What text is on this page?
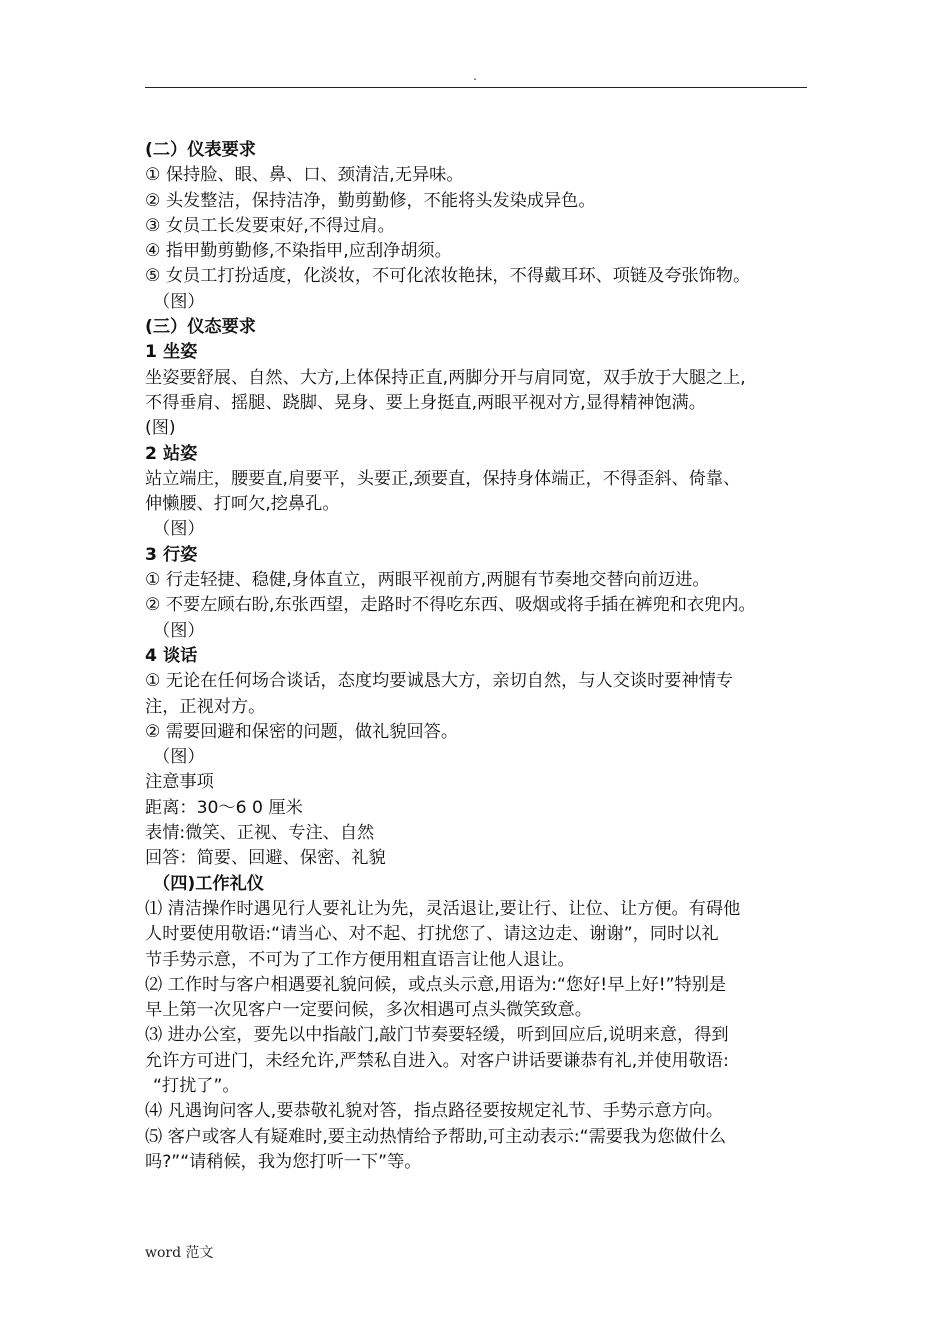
.

(二）仪表要求

① 保持脸、眼、鼻、口、颈清洁,无异味。

② 头发整洁，保持洁净，勤剪勤修，不能将头发染成异色。

③ 女员工长发要束好,不得过肩。

④ 指甲勤剪勤修,不染指甲,应刮净胡须。

⑤ 女员工打扮适度，化淡妆，不可化浓妆艳抹，不得戴耳环、项链及夸张饰物。

（图）

(三）仪态要求

1 坐姿

坐姿要舒展、自然、大方,上体保持正直,两脚分开与肩同宽，双手放于大腿之上,

不得垂肩、摇腿、跷脚、晃身、要上身挺直,两眼平视对方,显得精神饱满。

(图)

2 站姿

站立端庄，腰要直,肩要平，头要正,颈要直，保持身体端正，不得歪斜、倚靠、

伸懒腰、打呵欠,挖鼻孔。

（图）

3 行姿

① 行走轻捷、稳健,身体直立，两眼平视前方,两腿有节奏地交替向前迈进。

② 不要左顾右盼,东张西望，走路时不得吃东西、吸烟或将手插在裤兜和衣兜内。

（图）

4 谈话

① 无论在任何场合谈话，态度均要诚恳大方，亲切自然，与人交谈时要神情专

注，正视对方。

② 需要回避和保密的问题，做礼貌回答。

（图）

注意事项

距离：30～6 0 厘米

表情:微笑、正视、专注、自然

回答：简要、回避、保密、礼貌

（四)工作礼仪

⑴ 清洁操作时遇见行人要礼让为先，灵活退让,要让行、让位、让方便。有碍他

人时要使用敬语:“请当心、对不起、打扰您了、请这边走、谢谢”，同时以礼

节手势示意，不可为了工作方便用粗直语言让他人退让。

⑵ 工作时与客户相遇要礼貌问候，或点头示意,用语为:“您好!早上好!”特别是

早上第一次见客户一定要问候，多次相遇可点头微笑致意。

⑶ 进办公室，要先以中指敲门,敲门节奏要轻缓，听到回应后,说明来意，得到

允许方可进门，未经允许,严禁私自进入。对客户讲话要谦恭有礼,并使用敬语:

“打扰了”。

⑷ 凡遇询问客人,要恭敬礼貌对答，指点路径要按规定礼节、手势示意方向。

⑸ 客户或客人有疑难时,要主动热情给予帮助,可主动表示:“需要我为您做什么

吗?”“请稍候，我为您打听一下”等。

word 范文
